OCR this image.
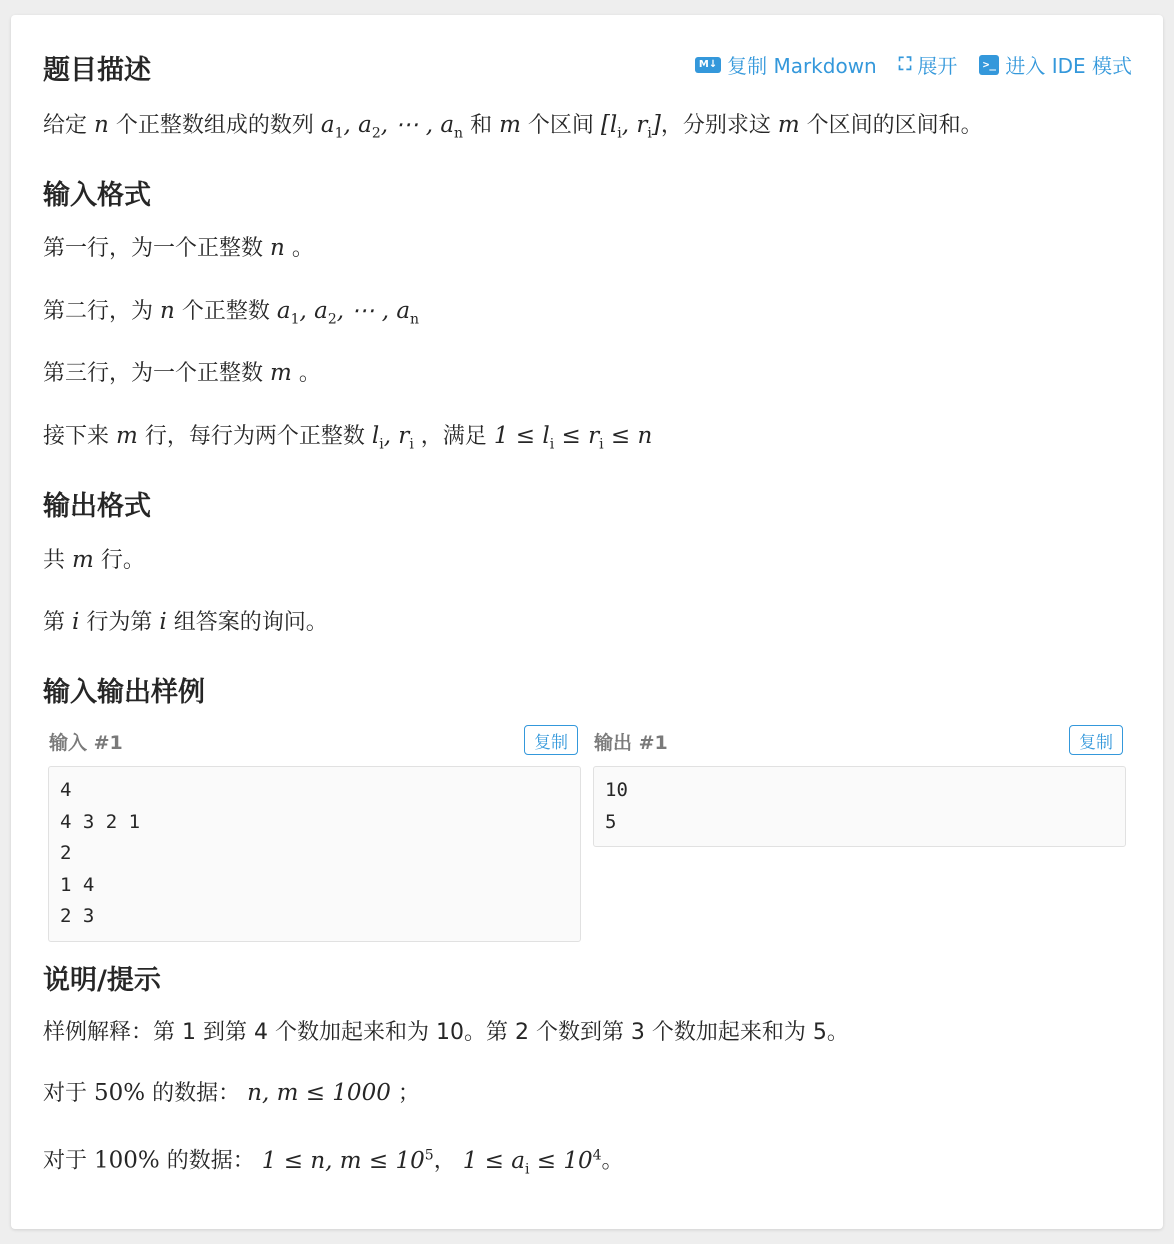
题目描述	M↓ 复制 Markdown ⛶ 展开	>_ 进入 IDE 模式
给定 n 个正整数组成的数列 $a_1$, $a_2$, ⋯ , $a_n$ 和 m 个区间 [$l_i$, $r_i$]，分别求这 m 个区间的区间和。
输入格式
第一行，为一个正整数 n 。
第二行，为 n 个正整数 $a_1$, $a_2$, ⋯ , $a_n$
第三行，为一个正整数 m 。
接下来 m 行，每行为两个正整数 $l_i$, $r_i$ ，满足 $1 \le l_i \le r_i \le n$
输出格式
共 m 行。
第 i 行为第 i 组答案的询问。
输入输出样例
输入 #1	复制
4
4 3 2 1
2
1 4
2 3
输出 #1	复制
10
5
说明/提示
样例解释：第 1 到第 4 个数加起来和为 10。第 2 个数到第 3 个数加起来和为 5。
对于 50% 的数据： n, m ≤ 1000 ；
对于 100% 的数据： 1 ≤ n, $m \le 10^5$， $1 \le a_i \le 10^4$。
